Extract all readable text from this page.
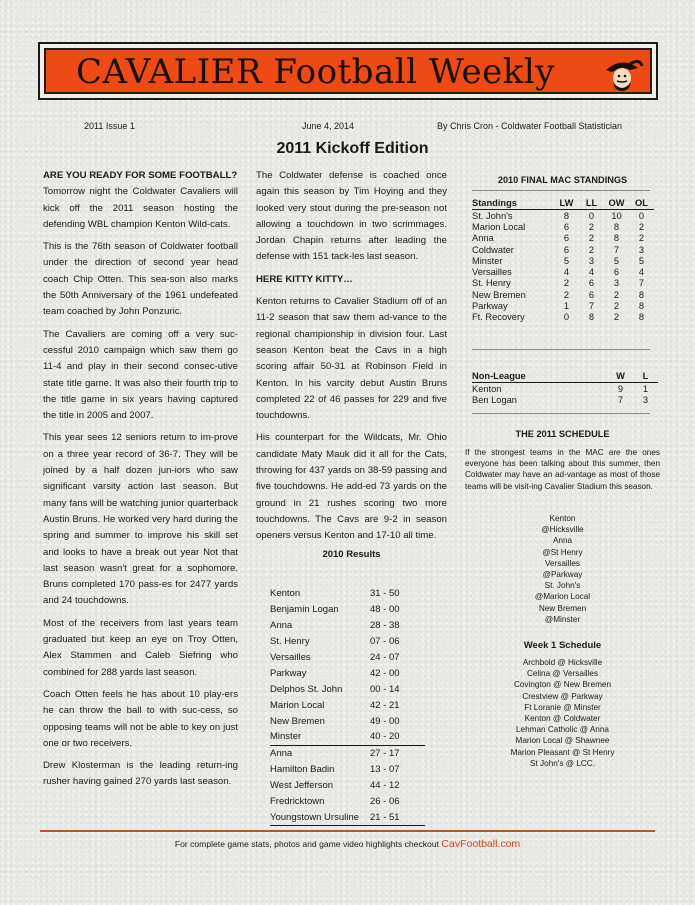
CAVALIER Football Weekly
2011 Issue 1	June 4, 2014	By Chris Cron - Coldwater Football Statistician
2011 Kickoff Edition

ARE YOU READY FOR SOME FOOTBALL?
Tomorrow night the Coldwater Cavaliers will kick off the 2011 season hosting the defending WBL champion Kenton Wild-cats.

This is the 76th season of Coldwater football under the direction of second year head coach Chip Otten. This sea-son also marks the 50th Anniversary of the 1961 undefeated team coached by John Ponzuric.

The Cavaliers are coming off a very suc-cessful 2010 campaign which saw them go 11-4 and play in their second consec-utive state title game. It was also their fourth trip to the title game in six years having captured the title in 2005 and 2007.

This year sees 12 seniors return to im-prove on a three year record of 36-7. They will be joined by a half dozen jun-iors who saw significant varsity action last season. But many fans will be watching junior quarterback Austin Bruns. He worked very hard during the spring and summer to improve his skill set and looks to have a break out year Not that last season wasn't great for a sophomore. Bruns completed 170 pass-es for 2477 yards and 24 touchdowns.

Most of the receivers from last years team graduated but keep an eye on Troy Otten, Alex Stammen and Caleb Siefring who combined for 288 yards last season.

Coach Otten feels he has about 10 play-ers he can throw the ball to with suc-cess, so opposing teams will not be able to key on just one or two receivers.

Drew Klosterman is the leading return-ing rusher having gained 270 yards last season.

The Coldwater defense is coached once again this season by Tim Hoying and they looked very stout during the pre-season not allowing a touchdown in two scrimmages. Jordan Chapin returns after leading the defense with 151 tack-les last season.

HERE KITTY KITTY…

Kenton returns to Cavalier Stadium off of an 11-2 season that saw them ad-vance to the regional championship in division four. Last season Kenton beat the Cavs in a high scoring affair 50-31 at Robinson Field in Kenton. In his varcity debut Austin Bruns completed 22 of 46 passes for 229 and five touchdowns.

His counterpart for the Wildcats, Mr. Ohio candidate Maty Mauk did it all for the Cats, throwing for 437 yards on 38-59 passing and five touchdowns. He add-ed 73 yards on the ground in 21 rushes scoring two more touchdowns. The Cavs are 9-2 in season openers versus Kenton and 17-10 all time.

2010 Results
Kenton	31 - 50
Benjamin Logan	48 - 00
Anna	28 - 38
St. Henry	07 - 06
Versailles	24 - 07
Parkway	42 - 00
Delphos St. John	00 - 14
Marion Local	42 - 21
New Bremen	49 - 00
Minster	40 - 20
Anna	27 - 17
Hamilton Badin	13 - 07
West Jefferson	44 - 12
Fredricktown	26 - 06
Youngstown Ursuline	21 - 51
2010 FINAL MAC STANDINGS
Standings	LW	LL	OW	OL
St. John's	8	0	10	0
Marion Local	6	2	8	2
Anna	6	2	8	2
Coldwater	6	2	7	3
Minster	5	3	5	5
Versailles	4	4	6	4
St. Henry	2	6	3	7
New Bremen	2	6	2	8
Parkway	1	7	2	8
Ft. Recovery	0	8	2	8
Non-League	W	L
Kenton	9	1
Ben Logan	7	3
THE 2011 SCHEDULE
If the strongest teams in the MAC are the ones everyone has been talking about this summer, then Coldwater may have an ad-vantage as most of those teams will be visit-ing Cavalier Stadium this season.
Kenton
@Hicksville
Anna
@St Henry
Versailles
@Parkway
St. John's
@Marion Local
New Bremen
@Minster
Week 1 Schedule
Archbold @ Hicksville
Celina @ Versailles
Covington @ New Bremen
Crestview @ Parkway
Ft Loranie @ Minster
Kenton @ Coldwater
Lehman Catholic @ Anna
Marion Local @ Shawnee
Marion Pleasant @ St Henry
St John's @ LCC.
For complete game stats, photos and game video highlights checkout CavFootball.com
